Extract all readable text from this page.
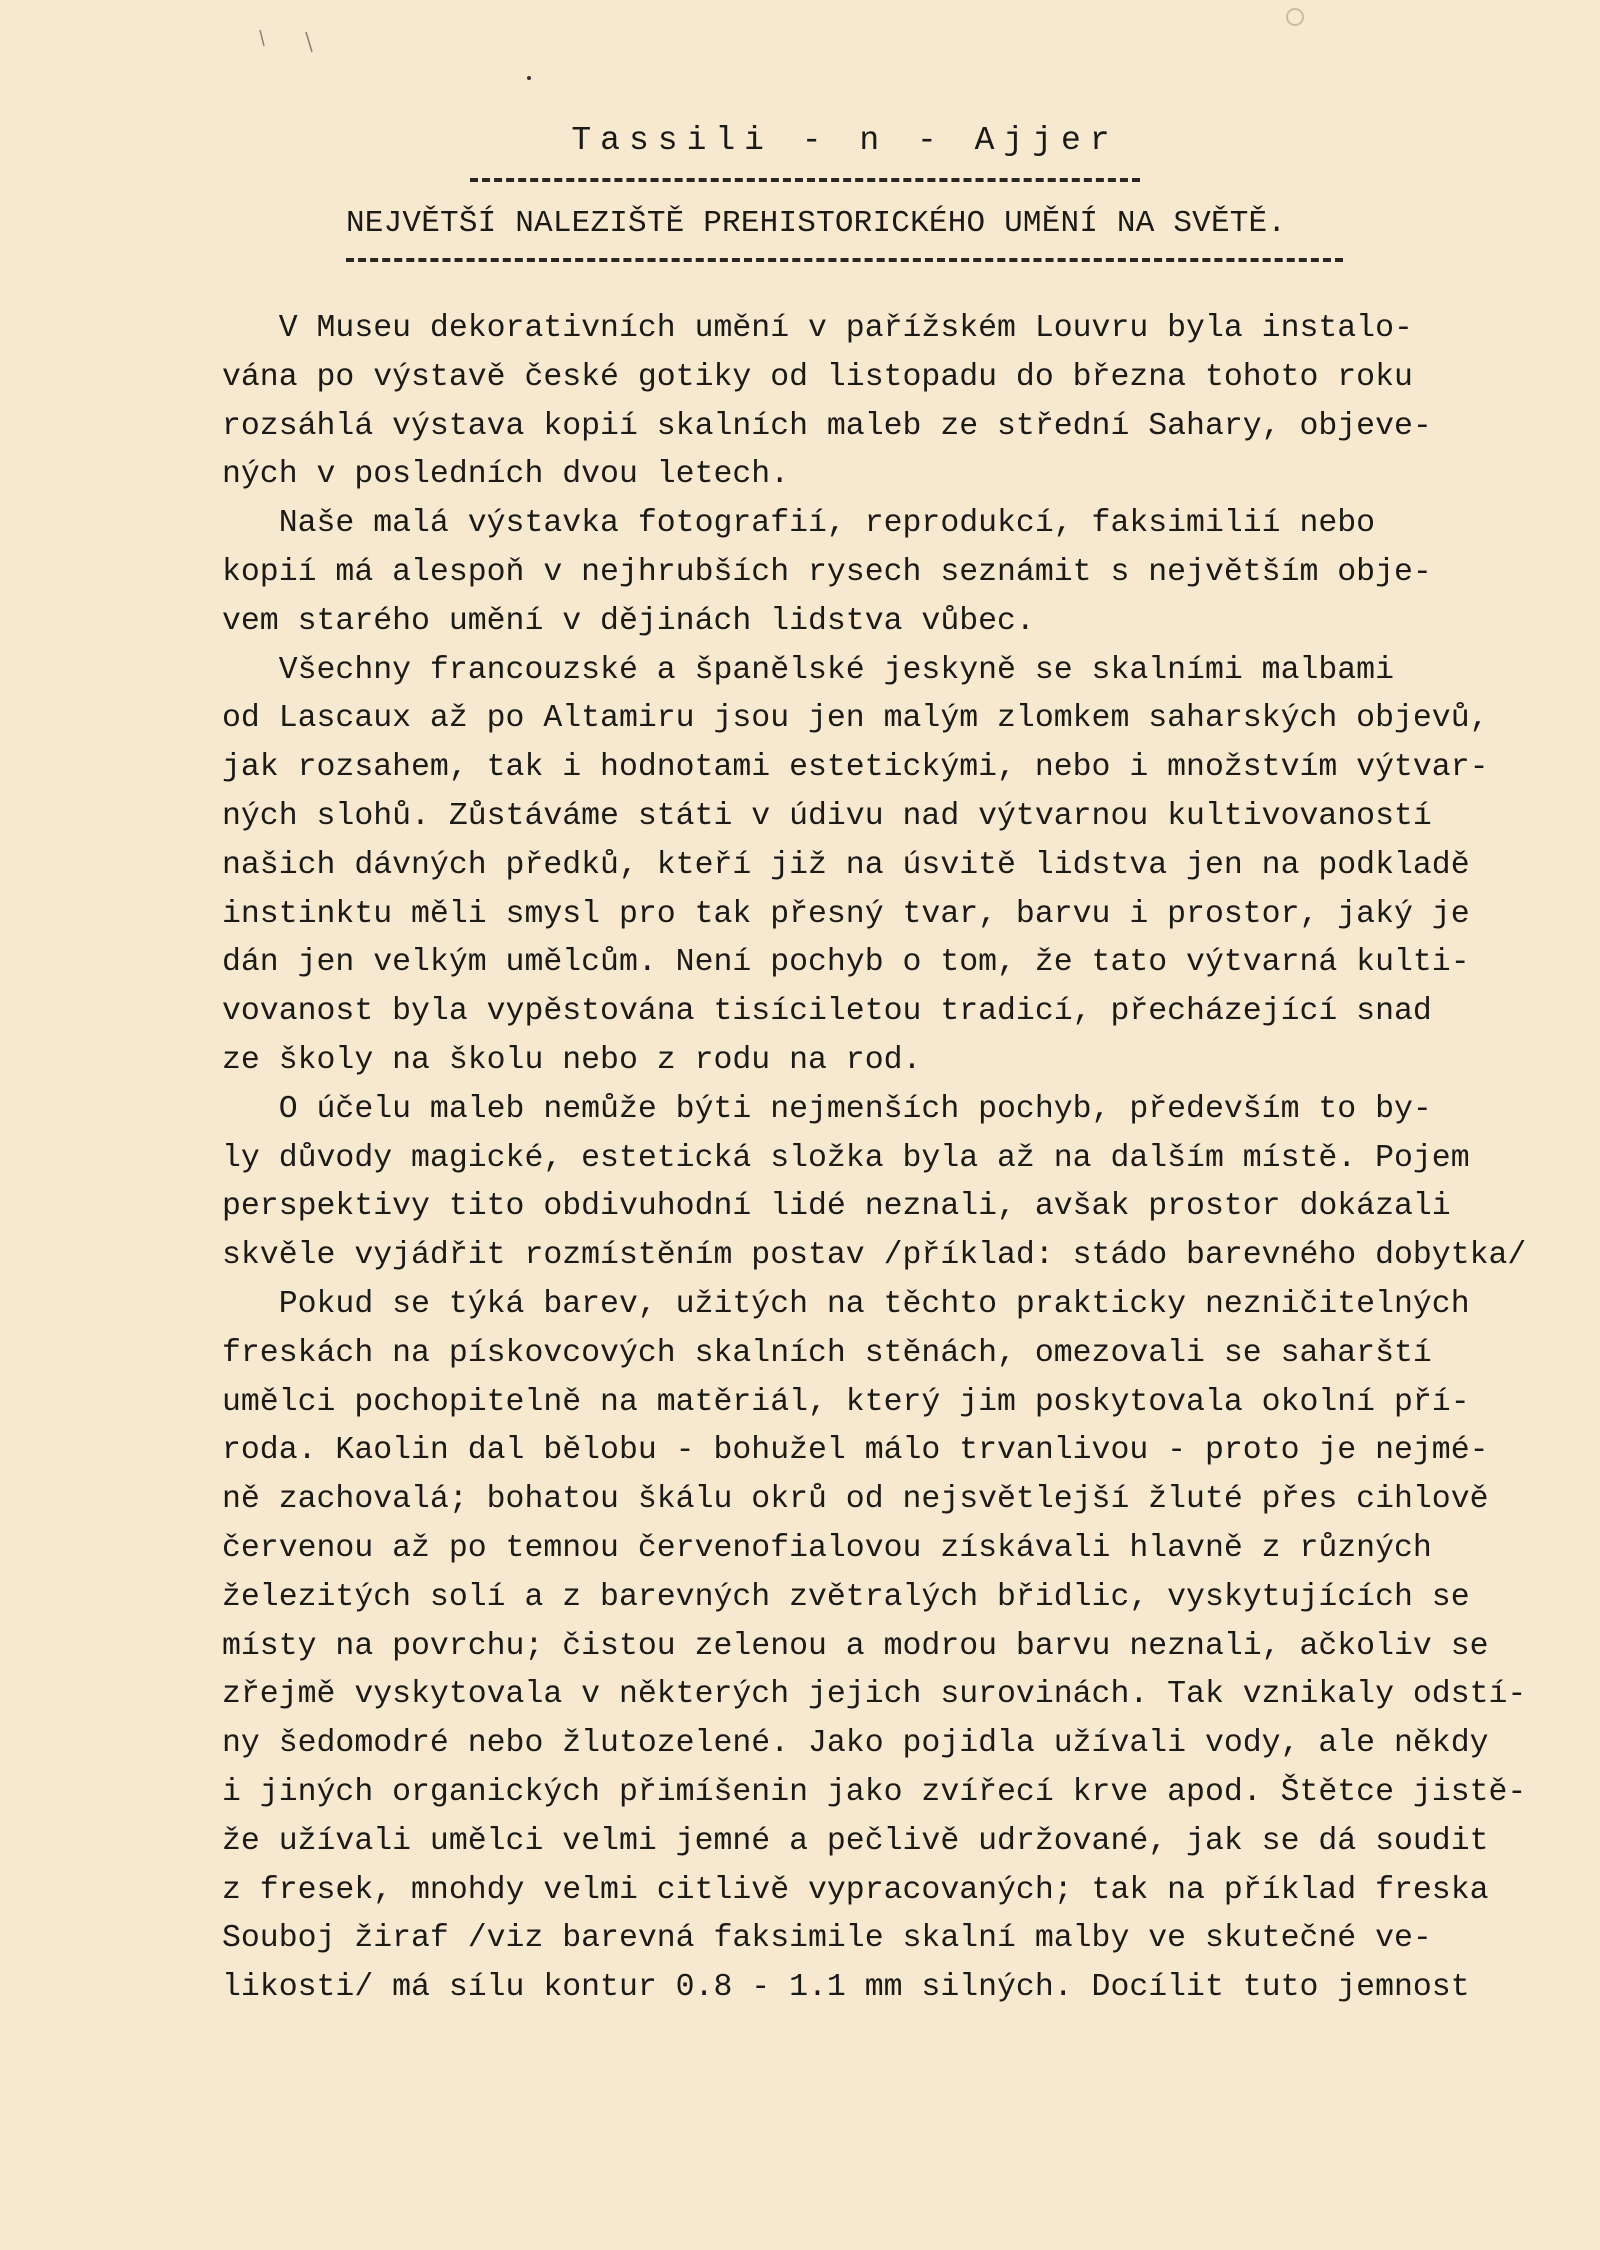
Tassili - n - Ajjer
NEJVĚTŠÍ NALEZIŠTĚ PREHISTORICKÉHO UMĚNÍ NA SVĚTĚ.
V Museu dekorativních umění v pařížském Louvru byla instalo-
vána po výstavě české gotiky od listopadu do března tohoto roku
rozsáhlá výstava kopií skalních maleb ze střední Sahary, objeve-
ných v posledních dvou letech.
Naše malá výstavka fotografií, reprodukcí, faksimilií nebo
kopií má alespoň v nejhrubších rysech seznámit s největším obje-
vem starého umění v dějinách lidstva vůbec.
Všechny francouzské a španělské jeskyně se skalními malbami
od Lascaux až po Altamiru jsou jen malým zlomkem saharských objevů,
jak rozsahem, tak i hodnotami estetickými, nebo i množstvím výtvar-
ných slohů. Zůstáváme státi v údivu nad výtvarnou kultivovaností
našich dávných předků, kteří již na úsvitě lidstva jen na podkladě
instinktu měli smysl pro tak přesný tvar, barvu i prostor, jaký je
dán jen velkým umělcům. Není pochyb o tom, že tato výtvarná kulti-
vovanost byla vypěstována tisíciletou tradicí, přecházející snad
ze školy na školu nebo z rodu na rod.
O účelu maleb nemůže býti nejmenších pochyb, především to by-
ly důvody magické, estetická složka byla až na dalším místě. Pojem
perspektivy tito obdivuhodní lidé neznali, avšak prostor dokázali
skvěle vyjádřit rozmístěním postav /příklad: stádo barevného dobytka/
Pokud se týká barev, užitých na těchto prakticky nezničitelných
freskách na pískovcových skalních stěnách, omezovali se saharští
umělci pochopitelně na matěriál, který jim poskytovala okolní pří-
roda. Kaolin dal bělobu - bohužel málo trvanlivou - proto je nejmé-
ně zachovalá; bohatou škálu okrů od nejsvětlejší žluté přes cihlově
červenou až po temnou červenofialovou získávali hlavně z různých
železitých solí a z barevných zvětralých břidlic, vyskytujících se
místy na povrchu; čistou zelenou a modrou barvu neznali, ačkoliv se
zřejmě vyskytovala v některých jejich surovinách. Tak vznikaly odstí-
ny šedomodré nebo žlutozelené. Jako pojidla užívali vody, ale někdy
i jiných organických přimíšenin jako zvířecí krve apod. Štětce jistě-
že užívali umělci velmi jemné a pečlivě udržované, jak se dá soudit
z fresek, mnohdy velmi citlivě vypracovaných; tak na příklad freska
Souboj žiraf /viz barevná faksimile skalní malby ve skutečné ve-
likosti/ má sílu kontur 0.8 - 1.1 mm silných. Docílit tuto jemnost
